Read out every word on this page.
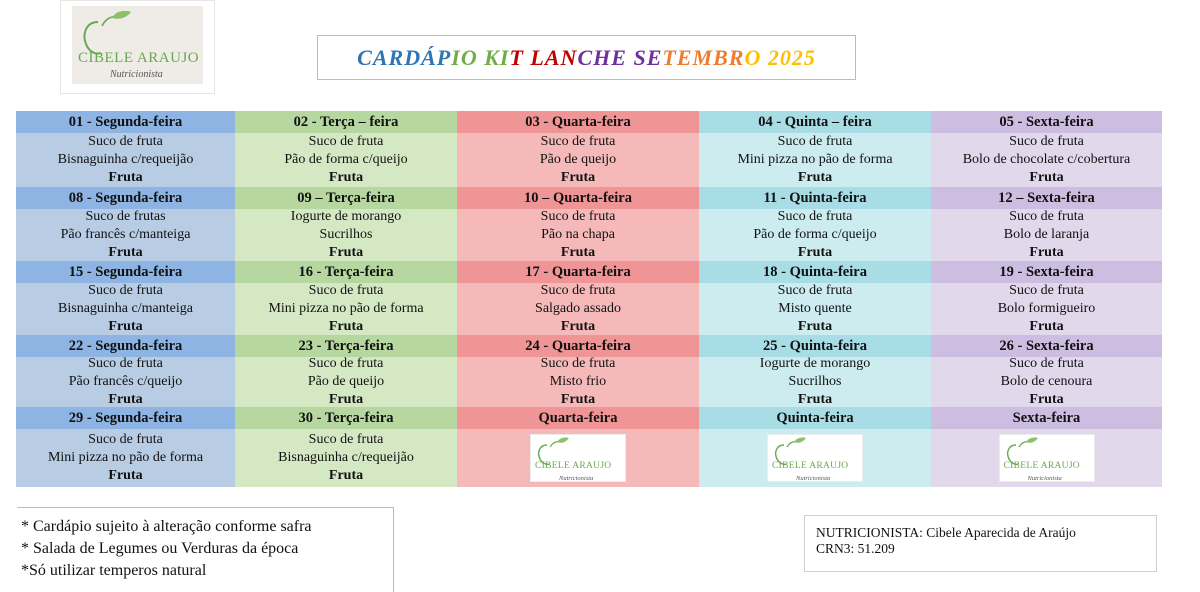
CIBELE ARAUJO
Nutricionista
CARDÁPIO KIT LANCHE SETEMBRO 2025
01 - Segunda-feira
Suco de fruta
Bisnaguinha c/requeijão
Fruta
08 - Segunda-feira
Suco de frutas
Pão francês c/manteiga
Fruta
15 - Segunda-feira
Suco de fruta
Bisnaguinha c/manteiga
Fruta
22 - Segunda-feira
Suco de fruta
Pão francês c/queijo
Fruta
29 - Segunda-feira
Suco de fruta
Mini pizza no pão de forma
Fruta
02 - Terça – feira
Suco de fruta
Pão de forma c/queijo
Fruta
09 – Terça-feira
Iogurte de morango
Sucrilhos
Fruta
16 - Terça-feira
Suco de fruta
Mini pizza no pão de forma
Fruta
23 - Terça-feira
Suco de fruta
Pão de queijo
Fruta
30 - Terça-feira
Suco de fruta
Bisnaguinha c/requeijão
Fruta
03 - Quarta-feira
Suco de fruta
Pão de queijo
Fruta
10 – Quarta-feira
Suco de fruta
Pão na chapa
Fruta
17 - Quarta-feira
Suco de fruta
Salgado assado
Fruta
24 - Quarta-feira
Suco de fruta
Misto frio
Fruta
Quarta-feira
CIBELE ARAUJO
Nutricionista
04 - Quinta – feira
Suco de fruta
Mini pizza no pão de forma
Fruta
11 - Quinta-feira
Suco de fruta
Pão de forma c/queijo
Fruta
18 - Quinta-feira
Suco de fruta
Misto quente
Fruta
25 - Quinta-feira
Iogurte de morango
Sucrilhos
Fruta
Quinta-feira
CIBELE ARAUJO
Nutricionista
05 - Sexta-feira
Suco de fruta
Bolo de chocolate c/cobertura
Fruta
12 – Sexta-feira
Suco de fruta
Bolo de laranja
Fruta
19 - Sexta-feira
Suco de fruta
Bolo formigueiro
Fruta
26 - Sexta-feira
Suco de fruta
Bolo de cenoura
Fruta
Sexta-feira
CIBELE ARAUJO
Nutricionista
* Cardápio sujeito à alteração conforme safra
* Salada de Legumes ou Verduras da época
*Só utilizar temperos natural
NUTRICIONISTA: Cibele Aparecida de Araújo
CRN3: 51.209
